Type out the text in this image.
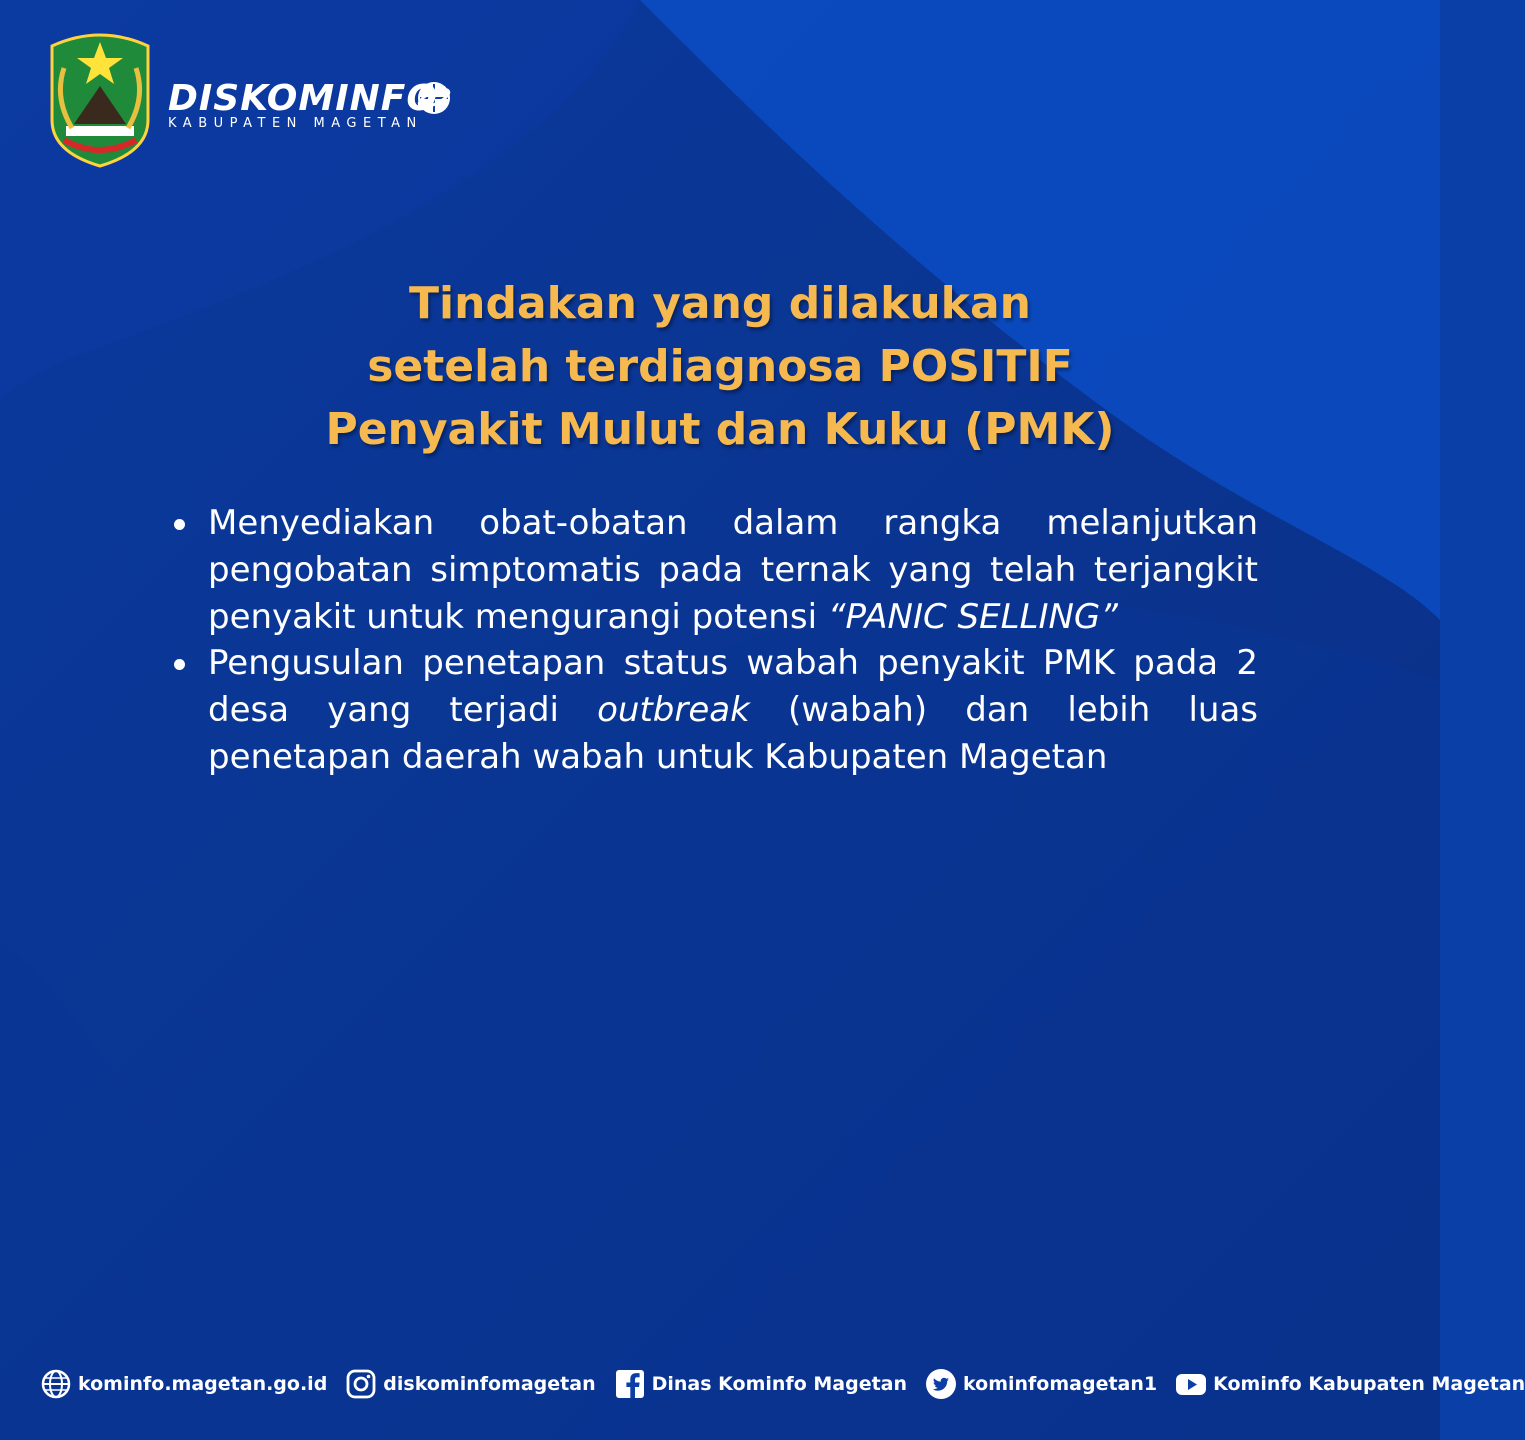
DISKOMINFO
KABUPATEN MAGETAN
Tindakan yang dilakukan
setelah terdiagnosa POSITIF
Penyakit Mulut dan Kuku (PMK)
Menyediakan obat-obatan dalam rangka melanjutkan pengobatan simptomatis pada ternak yang telah terjangkit penyakit untuk mengurangi potensi “PANIC SELLING”
Pengusulan penetapan status wabah penyakit PMK pada 2 desa yang terjadi outbreak (wabah) dan lebih luas penetapan daerah wabah untuk Kabupaten Magetan
kominfo.magetan.go.id	diskominfomagetan	Dinas Kominfo Magetan	kominfomagetan1	Kominfo Kabupaten Magetan
